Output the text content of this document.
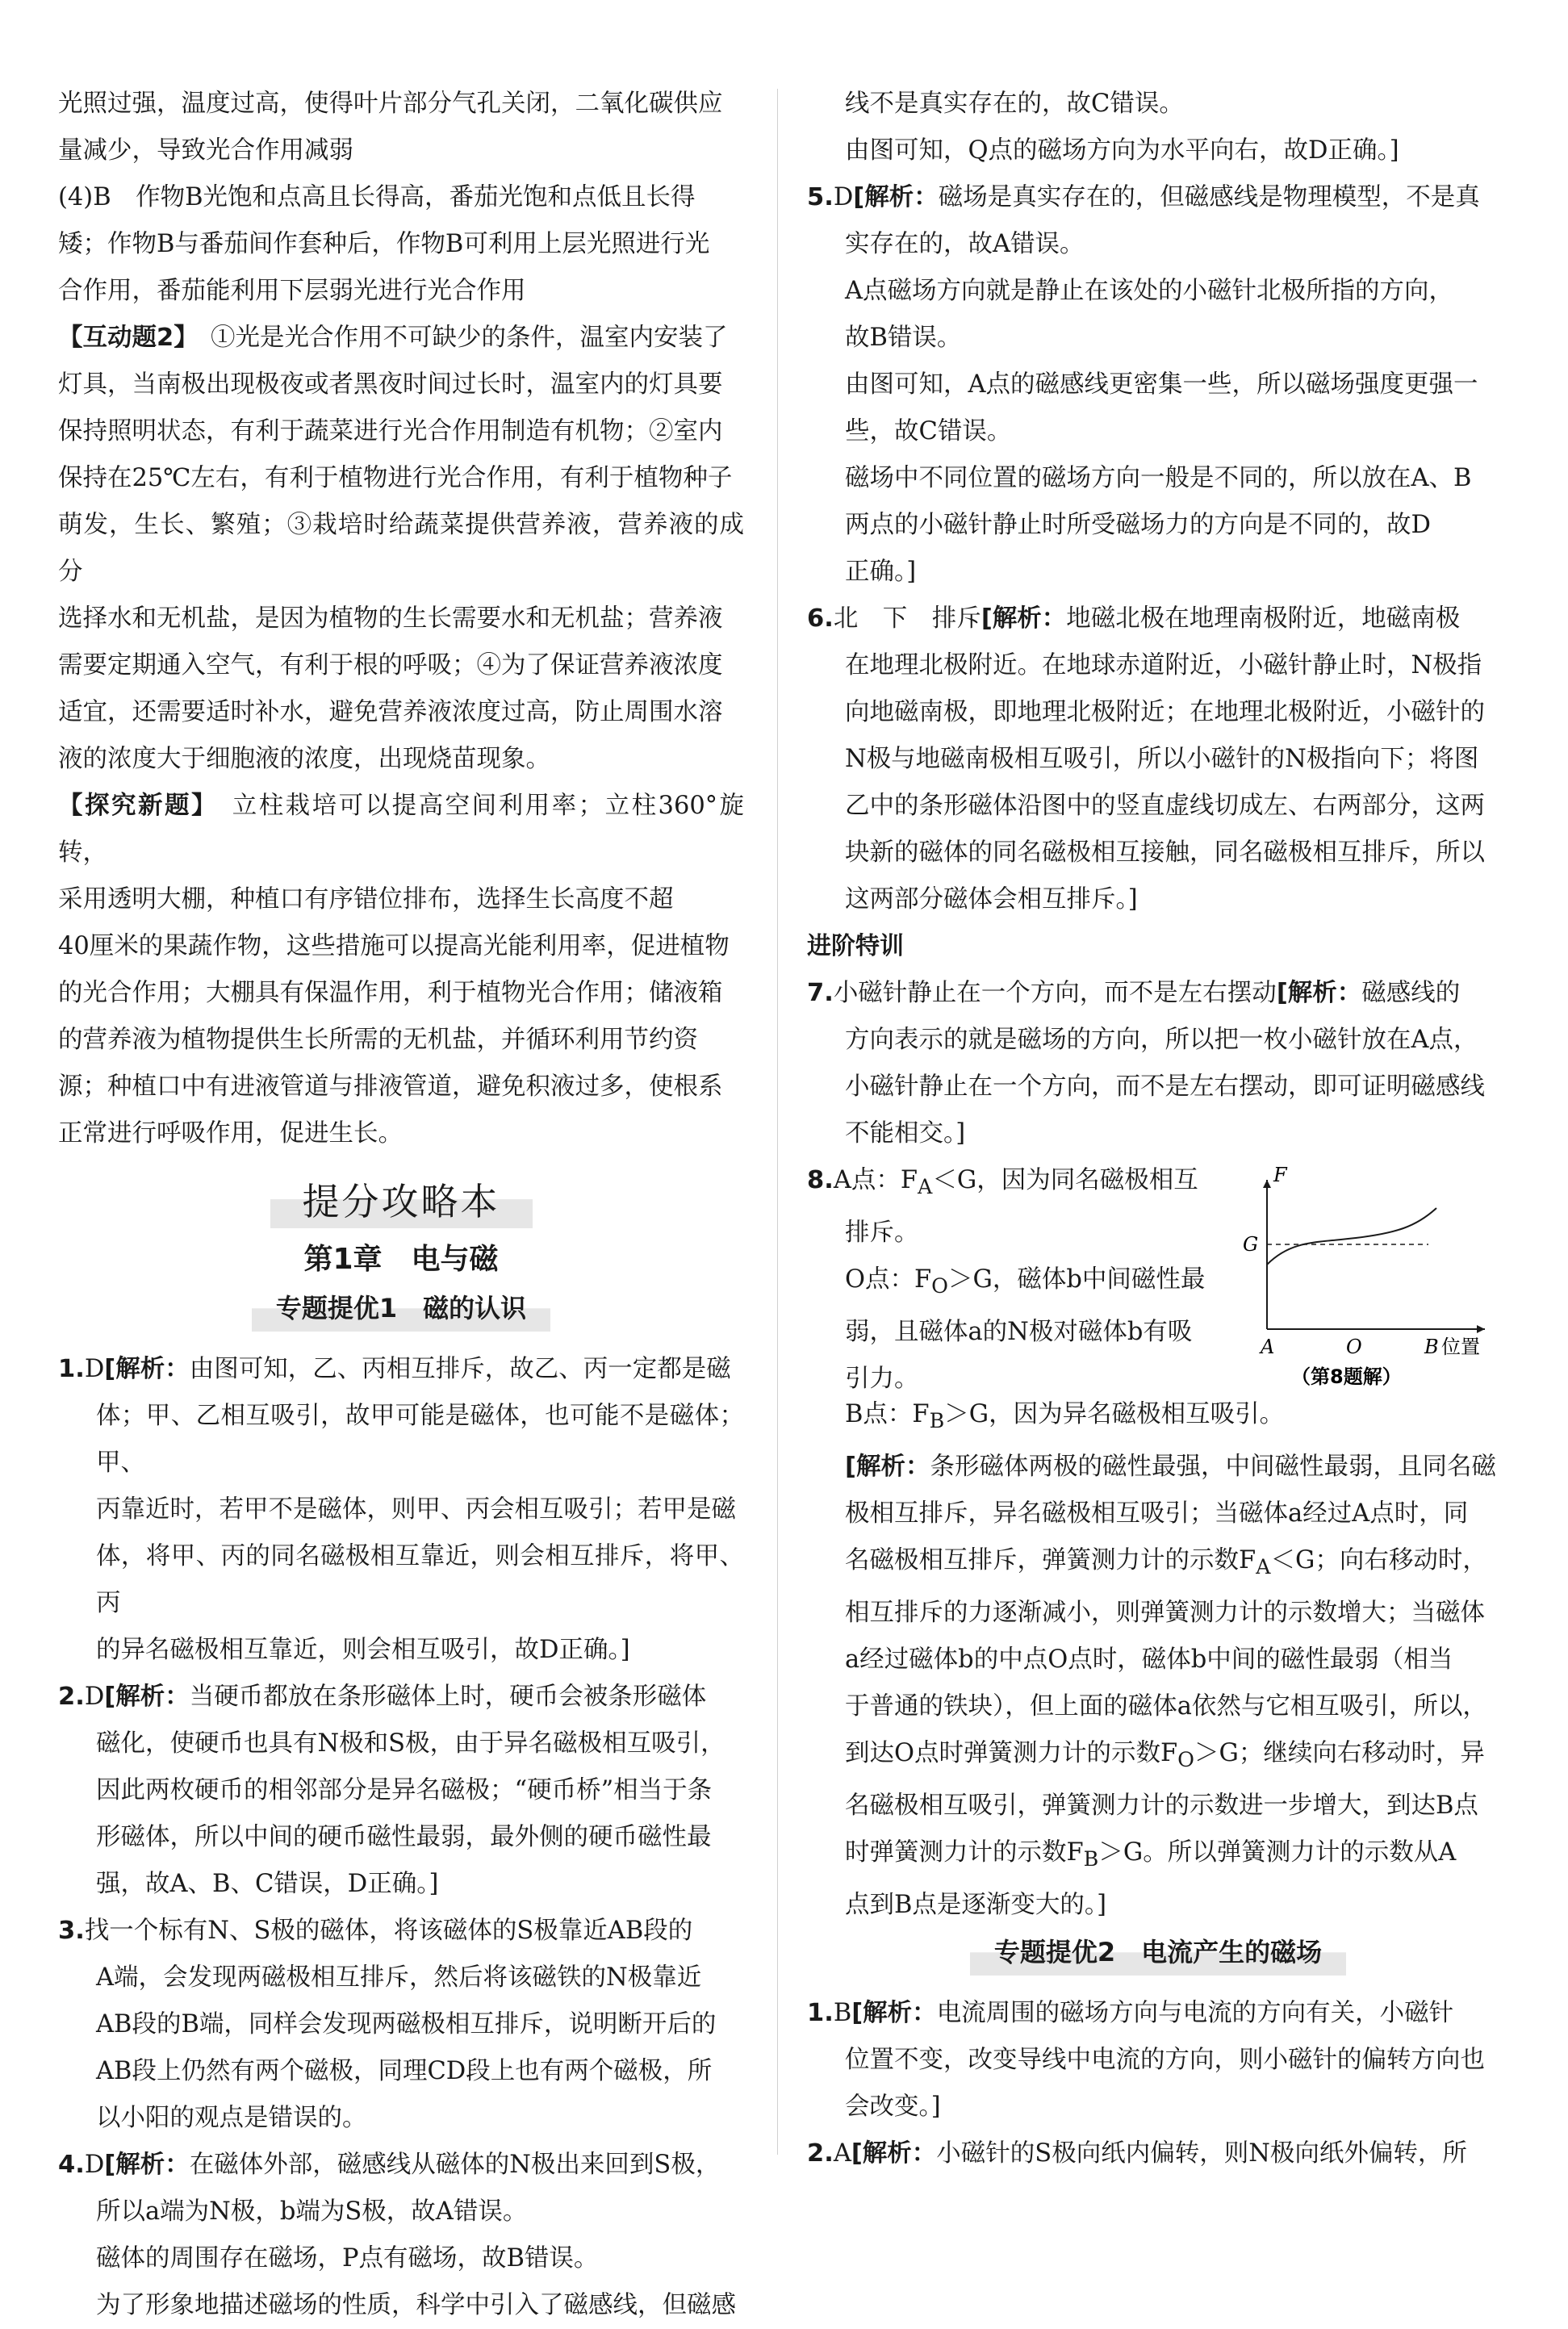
光照过强，温度过高，使得叶片部分气孔关闭，二氧化碳供应

量减少，导致光合作用减弱

(4)B　作物B光饱和点高且长得高，番茄光饱和点低且长得

矮；作物B与番茄间作套种后，作物B可利用上层光照进行光

合作用，番茄能利用下层弱光进行光合作用

【互动题2】　 ①光是光合作用不可缺少的条件，温室内安装了

灯具，当南极出现极夜或者黑夜时间过长时，温室内的灯具要

保持照明状态，有利于蔬菜进行光合作用制造有机物；②室内

保持在25℃左右，有利于植物进行光合作用，有利于植物种子

萌发，生长、繁殖；③栽培时给蔬菜提供营养液，营养液的成分

选择水和无机盐，是因为植物的生长需要水和无机盐；营养液

需要定期通入空气，有利于根的呼吸；④为了保证营养液浓度

适宜，还需要适时补水，避免营养液浓度过高，防止周围水溶

液的浓度大于细胞液的浓度，出现烧苗现象。

【探究新题】　 立柱栽培可以提高空间利用率；立柱360°旋转，

采用透明大棚，种植口有序错位排布，选择生长高度不超

40厘米的果蔬作物，这些措施可以提高光能利用率，促进植物

的光合作用；大棚具有保温作用，利于植物光合作用；储液箱

的营养液为植物提供生长所需的无机盐，并循环利用节约资

源；种植口中有进液管道与排液管道，避免积液过多，使根系

正常进行呼吸作用，促进生长。

提分攻略本
第1章　电与磁
专题提优1　磁的认识

1.D[解析：由图可知，乙、丙相互排斥，故乙、丙一定都是磁

体；甲、乙相互吸引，故甲可能是磁体，也可能不是磁体；甲、

丙靠近时，若甲不是磁体，则甲、丙会相互吸引；若甲是磁

体，将甲、丙的同名磁极相互靠近，则会相互排斥，将甲、丙

的异名磁极相互靠近，则会相互吸引，故D正确。]

2.D[解析：当硬币都放在条形磁体上时，硬币会被条形磁体

磁化，使硬币也具有N极和S极，由于异名磁极相互吸引，

因此两枚硬币的相邻部分是异名磁极；“硬币桥”相当于条

形磁体，所以中间的硬币磁性最弱，最外侧的硬币磁性最

强，故A、B、C错误，D正确。]

3.找一个标有N、S极的磁体，将该磁体的S极靠近AB段的

A端，会发现两磁极相互排斥，然后将该磁铁的N极靠近

AB段的B端，同样会发现两磁极相互排斥，说明断开后的

AB段上仍然有两个磁极，同理CD段上也有两个磁极，所

以小阳的观点是错误的。

4.D[解析：在磁体外部，磁感线从磁体的N极出来回到S极，

所以a端为N极，b端为S极，故A错误。

磁体的周围存在磁场，P点有磁场，故B错误。

为了形象地描述磁场的性质，科学中引入了磁感线，但磁感

线不是真实存在的，故C错误。

由图可知，Q点的磁场方向为水平向右，故D正确。]

5.D[解析：磁场是真实存在的，但磁感线是物理模型，不是真

实存在的，故A错误。

A点磁场方向就是静止在该处的小磁针北极所指的方向，

故B错误。

由图可知，A点的磁感线更密集一些，所以磁场强度更强一

些，故C错误。

磁场中不同位置的磁场方向一般是不同的，所以放在A、B

两点的小磁针静止时所受磁场力的方向是不同的，故D

正确。]

6.北　下　排斥[解析：地磁北极在地理南极附近，地磁南极

在地理北极附近。在地球赤道附近，小磁针静止时，N极指

向地磁南极，即地理北极附近；在地理北极附近，小磁针的

N极与地磁南极相互吸引，所以小磁针的N极指向下；将图

乙中的条形磁体沿图中的竖直虚线切成左、右两部分，这两

块新的磁体的同名磁极相互接触，同名磁极相互排斥，所以

这两部分磁体会相互排斥。]

进阶特训

7.小磁针静止在一个方向，而不是左右摆动[解析：磁感线的

方向表示的就是磁场的方向，所以把一枚小磁针放在A点，

小磁针静止在一个方向，而不是左右摆动，即可证明磁感线

不能相交。]

8.A点：$F_A<G$，因为同名磁极相互

排斥。

O点：$F_O>G$，磁体b中间磁性最

弱，且磁体a的N极对磁体b有吸

引力。

F
G
A	O	B 位置
（第8题解）

B点：$F_B>G$，因为异名磁极相互吸引。

[解析：条形磁体两极的磁性最强，中间磁性最弱，且同名磁

极相互排斥，异名磁极相互吸引；当磁体a经过A点时，同

名磁极相互排斥，弹簧测力计的示数$F_A<G$；向右移动时，

相互排斥的力逐渐减小，则弹簧测力计的示数增大；当磁体

a经过磁体b的中点O点时，磁体b中间的磁性最弱（相当

于普通的铁块），但上面的磁体a依然与它相互吸引，所以，

到达O点时弹簧测力计的示数$F_O>G$；继续向右移动时，异

名磁极相互吸引，弹簧测力计的示数进一步增大，到达B点

时弹簧测力计的示数$F_B>G$。所以弹簧测力计的示数从A

点到B点是逐渐变大的。]

专题提优2　电流产生的磁场

1.B[解析：电流周围的磁场方向与电流的方向有关，小磁针

位置不变，改变导线中电流的方向，则小磁针的偏转方向也

会改变。]

2.A[解析：小磁针的S极向纸内偏转，则N极向纸外偏转，所
